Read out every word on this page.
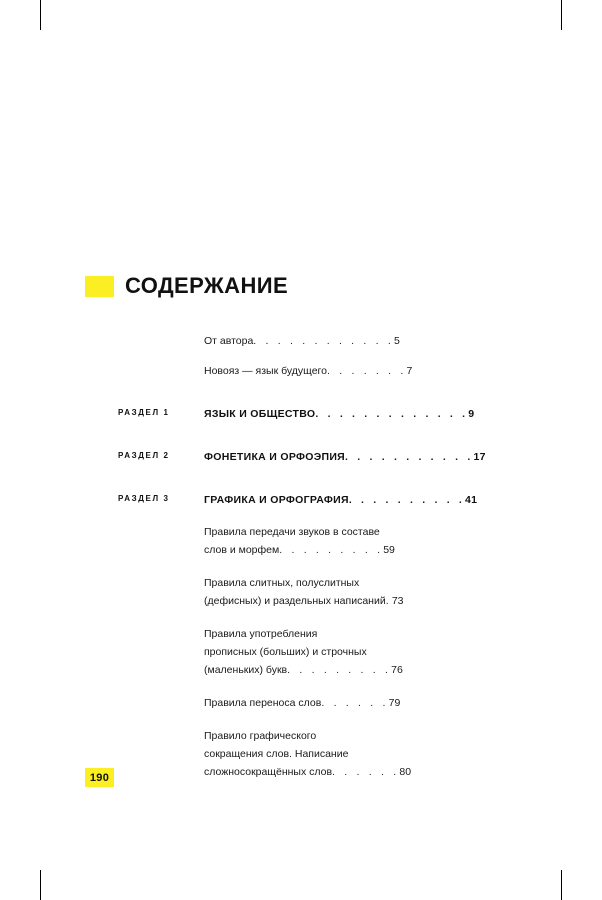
СОДЕРЖАНИЕ
От автора. . . . . . . . . . . .5
Новояз — язык будущего. . . . . . .7
РАЗДЕЛ 1	ЯЗЫК И ОБЩЕСТВО. . . . . . . . . . . . .9
РАЗДЕЛ 2	ФОНЕТИКА И ОРФОЭПИЯ. . . . . . . . . . .17
РАЗДЕЛ 3	ГРАФИКА И ОРФОГРАФИЯ. . . . . . . . . .41
Правила передачи звуков в составе
слов и морфем. . . . . . . . .59
Правила слитных, полуслитных
(дефисных) и раздельных написаний.73
Правила употребления
прописных (больших) и строчных
(маленьких) букв. . . . . . . . .76
Правила переноса слов. . . . . .79
Правило графического
сокращения слов. Написание
сложносокращённых слов. . . . . .80
190
